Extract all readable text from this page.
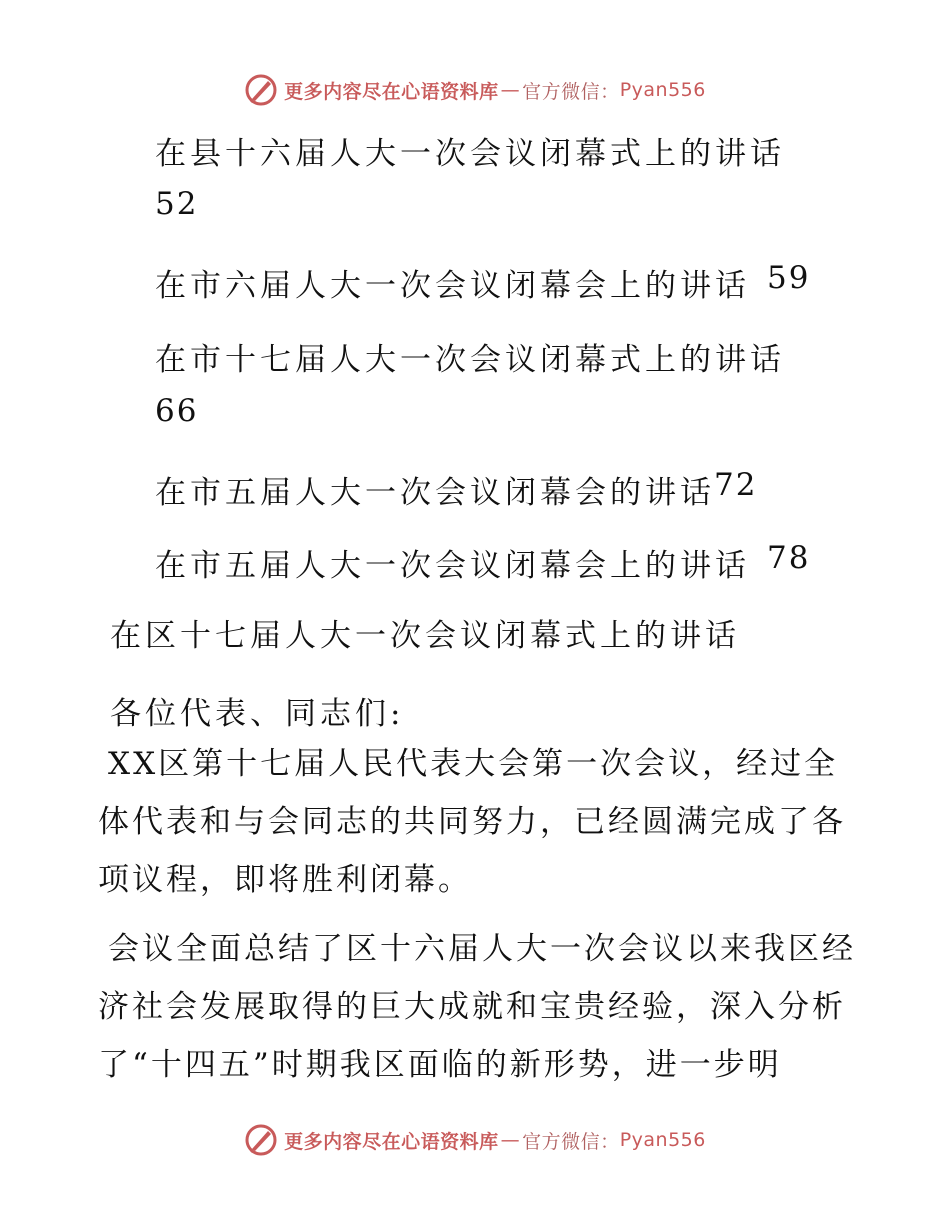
更多内容尽在心语资料库 — 官方微信： Pyan556
在县十六届人大一次会议闭幕式上的讲话
52
在市六届人大一次会议闭幕会上的讲话 59
在市十七届人大一次会议闭幕式上的讲话
66
在市五届人大一次会议闭幕会的讲话 72
在市五届人大一次会议闭幕会上的讲话 78
在区十七届人大一次会议闭幕式上的讲话
各位代表、同志们:

XX区第十七届人民代表大会第一次会议，经过全体代表和与会同志的共同努力，已经圆满完成了各项议程，即将胜利闭幕。

会议全面总结了区十六届人大一次会议以来我区经济社会发展取得的巨大成就和宝贵经验，深入分析了“十四五”时期我区面临的新形势，进一步明

更多内容尽在心语资料库 — 官方微信： Pyan556
